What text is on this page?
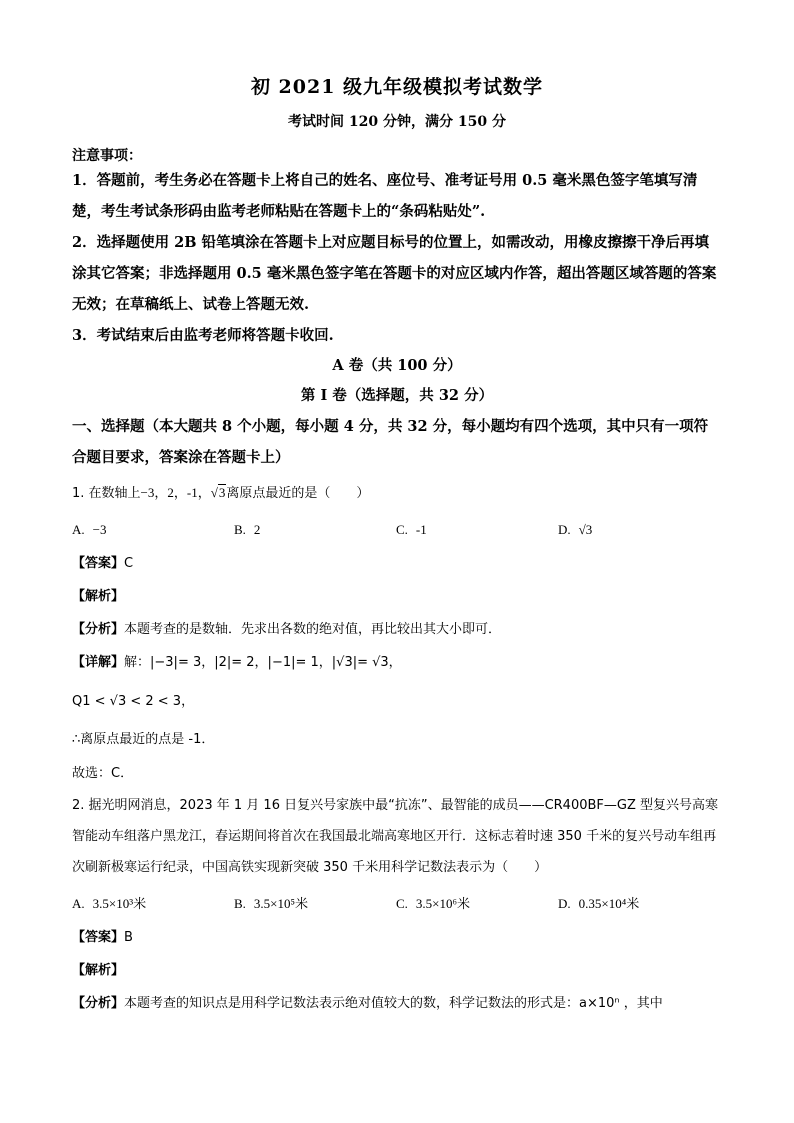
初 2021 级九年级模拟考试数学
考试时间 120 分钟，满分 150 分
注意事项：
1．答题前，考生务必在答题卡上将自己的姓名、座位号、准考证号用 0.5 毫米黑色签字笔填写清楚，考生考试条形码由监考老师粘贴在答题卡上的“条码粘贴处”.
2．选择题使用 2B 铅笔填涂在答题卡上对应题目标号的位置上，如需改动，用橡皮擦擦干净后再填涂其它答案；非选择题用 0.5 毫米黑色签字笔在答题卡的对应区域内作答，超出答题区域答题的答案无效；在草稿纸上、试卷上答题无效.
3．考试结束后由监考老师将答题卡收回.
A 卷（共 100 分）
第 I 卷（选择题，共 32 分）
一、选择题（本大题共 8 个小题，每小题 4 分，共 32 分，每小题均有四个选项，其中只有一项符合题目要求，答案涂在答题卡上）
1. 在数轴上−3，2，-1，√3离原点最近的是（　　）
A. −3	B. 2	C. -1	D. √3
【答案】C
【解析】
【分析】本题考查的是数轴．先求出各数的绝对值，再比较出其大小即可．
【详解】解：|−3|= 3，|2|= 2，|−1|= 1，|√3|= √3，
Q1 < √3 < 2 < 3，
∴离原点最近的点是 -1．
故选：C．
2. 据光明网消息，2023 年 1 月 16 日复兴号家族中最“抗冻”、最智能的成员——CR400BF—GZ 型复兴号高寒智能动车组落户黑龙江，春运期间将首次在我国最北端高寒地区开行．这标志着时速 350 千米的复兴号动车组再次刷新极寒运行纪录，中国高铁实现新突破 350 千米用科学记数法表示为（　　）
A. 3.5×10³米	B. 3.5×10⁵米	C. 3.5×10⁶米	D. 0.35×10⁴米
【答案】B
【解析】
【分析】本题考查的知识点是用科学记数法表示绝对值较大的数，科学记数法的形式是：a×10ⁿ ，其中
